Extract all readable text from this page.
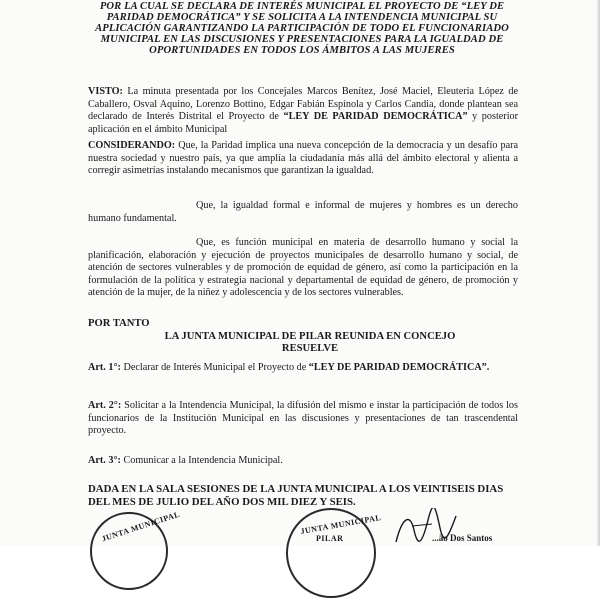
POR LA CUAL SE DECLARA DE INTERÉS MUNICIPAL EL PROYECTO DE “LEY DE PARIDAD DEMOCRÁTICA” Y SE SOLICITA A LA INTENDENCIA MUNICIPAL SU APLICACIÓN GARANTIZANDO LA PARTICIPACIÓN DE TODO EL FUNCIONARIADO MUNICIPAL EN LAS DISCUSIONES Y PRESENTACIONES PARA LA IGUALDAD DE OPORTUNIDADES EN TODOS LOS ÁMBITOS A LAS MUJERES
VISTO: La minuta presentada por los Concejales Marcos Benítez, José Maciel, Eleuteria López de Caballero, Osval Aquino, Lorenzo Bottino, Edgar Fabián Espínola y Carlos Candia, donde plantean sea declarado de Interés Distrital el Proyecto de “LEY DE PARIDAD DEMOCRÁTICA” y posterior aplicación en el ámbito Municipal
CONSIDERANDO: Que, la Paridad implica una nueva concepción de la democracia y un desafío para nuestra sociedad y nuestro país, ya que amplía la ciudadanía más allá del ámbito electoral y alienta a corregir asimetrías instalando mecanismos que garantizan la igualdad.
Que, la igualdad formal e informal de mujeres y hombres es un derecho humano fundamental.
Que, es función municipal en materia de desarrollo humano y social la planificación, elaboración y ejecución de proyectos municipales de desarrollo humano y social, de atención de sectores vulnerables y de promoción de equidad de género, así como la participación en la formulación de la política y estrategia nacional y departamental de equidad de género, de promoción y atención de la mujer, de la niñez y adolescencia y de los sectores vulnerables.
POR TANTO
LA JUNTA MUNICIPAL DE PILAR REUNIDA EN CONCEJO
RESUELVE
Art. 1°: Declarar de Interés Municipal el Proyecto de “LEY DE PARIDAD DEMOCRÁTICA”.
Art. 2°: Solicitar a la Intendencia Municipal, la difusión del mismo e instar la participación de todos los funcionarios de la Institución Municipal en las discusiones y presentaciones de tan trascendental proyecto.
Art. 3°: Comunicar a la Intendencia Municipal.
DADA EN LA SALA SESIONES DE LA JUNTA MUNICIPAL A LOS VEINTISEIS DIAS DEL MES DE JULIO DEL AÑO DOS MIL DIEZ Y SEIS.
JUNTA MUNICIPAL	JUNTA MUNICIPAL
PILAR	...ão Dos Santos
